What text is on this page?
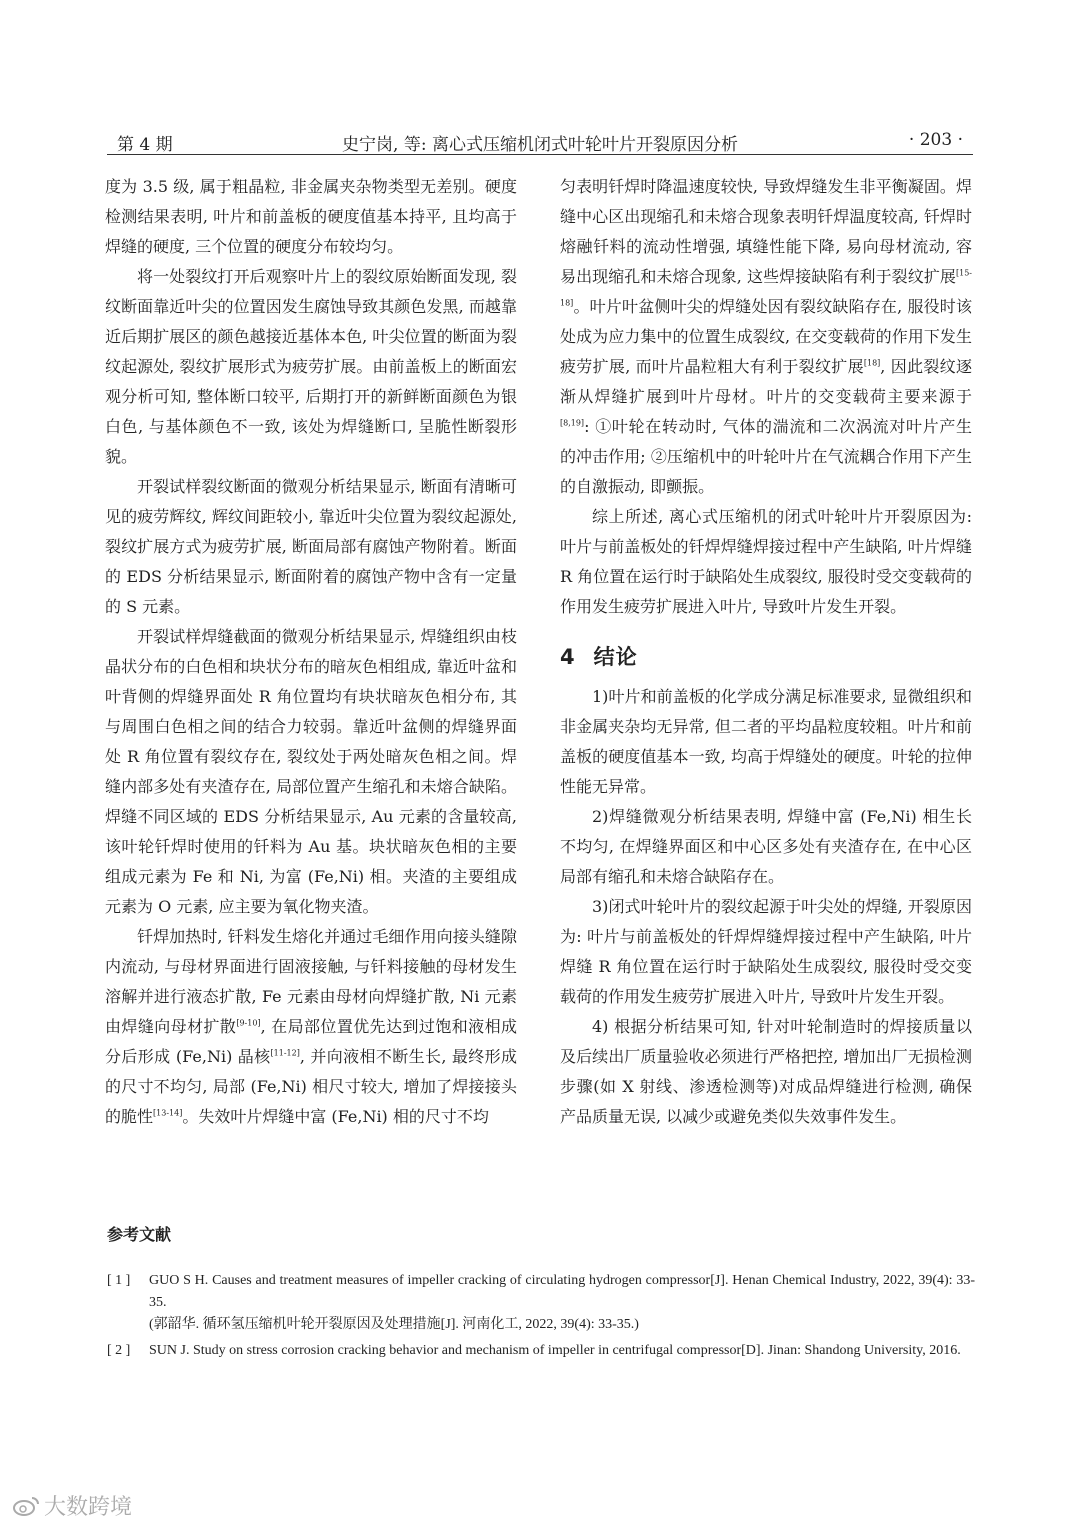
第 4 期	史宁岗, 等: 离心式压缩机闭式叶轮叶片开裂原因分析	· 203 ·

度为 3.5 级, 属于粗晶粒, 非金属夹杂物类型无差别。硬度检测结果表明, 叶片和前盖板的硬度值基本持平, 且均高于焊缝的硬度, 三个位置的硬度分布较均匀。

将一处裂纹打开后观察叶片上的裂纹原始断面发现, 裂纹断面靠近叶尖的位置因发生腐蚀导致其颜色发黑, 而越靠近后期扩展区的颜色越接近基体本色, 叶尖位置的断面为裂纹起源处, 裂纹扩展形式为疲劳扩展。由前盖板上的断面宏观分析可知, 整体断口较平, 后期打开的新鲜断面颜色为银白色, 与基体颜色不一致, 该处为焊缝断口, 呈脆性断裂形貌。

开裂试样裂纹断面的微观分析结果显示, 断面有清晰可见的疲劳辉纹, 辉纹间距较小, 靠近叶尖位置为裂纹起源处, 裂纹扩展方式为疲劳扩展, 断面局部有腐蚀产物附着。断面的 EDS 分析结果显示, 断面附着的腐蚀产物中含有一定量的 S 元素。

开裂试样焊缝截面的微观分析结果显示, 焊缝组织由枝晶状分布的白色相和块状分布的暗灰色相组成, 靠近叶盆和叶背侧的焊缝界面处 R 角位置均有块状暗灰色相分布, 其与周围白色相之间的结合力较弱。靠近叶盆侧的焊缝界面处 R 角位置有裂纹存在, 裂纹处于两处暗灰色相之间。焊缝内部多处有夹渣存在, 局部位置产生缩孔和未熔合缺陷。焊缝不同区域的 EDS 分析结果显示, Au 元素的含量较高, 该叶轮钎焊时使用的钎料为 Au 基。块状暗灰色相的主要组成元素为 Fe 和 Ni, 为富 (Fe,Ni) 相。夹渣的主要组成元素为 O 元素, 应主要为氧化物夹渣。

钎焊加热时, 钎料发生熔化并通过毛细作用向接头缝隙内流动, 与母材界面进行固液接触, 与钎料接触的母材发生溶解并进行液态扩散, Fe 元素由母材向焊缝扩散, Ni 元素由焊缝向母材扩散[9-10], 在局部位置优先达到过饱和液相成分后形成 (Fe,Ni) 晶核[11-12], 并向液相不断生长, 最终形成的尺寸不均匀, 局部 (Fe,Ni) 相尺寸较大, 增加了焊接接头的脆性[13-14]。失效叶片焊缝中富 (Fe,Ni) 相的尺寸不均

匀表明钎焊时降温速度较快, 导致焊缝发生非平衡凝固。焊缝中心区出现缩孔和未熔合现象表明钎焊温度较高, 钎焊时熔融钎料的流动性增强, 填缝性能下降, 易向母材流动, 容易出现缩孔和未熔合现象, 这些焊接缺陷有利于裂纹扩展[15-18]。叶片叶盆侧叶尖的焊缝处因有裂纹缺陷存在, 服役时该处成为应力集中的位置生成裂纹, 在交变载荷的作用下发生疲劳扩展, 而叶片晶粒粗大有利于裂纹扩展[18], 因此裂纹逐渐从焊缝扩展到叶片母材。叶片的交变载荷主要来源于[8,19]: ①叶轮在转动时, 气体的湍流和二次涡流对叶片产生的冲击作用; ②压缩机中的叶轮叶片在气流耦合作用下产生的自激振动, 即颤振。

综上所述, 离心式压缩机的闭式叶轮叶片开裂原因为: 叶片与前盖板处的钎焊焊缝焊接过程中产生缺陷, 叶片焊缝 R 角位置在运行时于缺陷处生成裂纹, 服役时受交变载荷的作用发生疲劳扩展进入叶片, 导致叶片发生开裂。

4 结论

1)叶片和前盖板的化学成分满足标准要求, 显微组织和非金属夹杂均无异常, 但二者的平均晶粒度较粗。叶片和前盖板的硬度值基本一致, 均高于焊缝处的硬度。叶轮的拉伸性能无异常。

2)焊缝微观分析结果表明, 焊缝中富 (Fe,Ni) 相生长不均匀, 在焊缝界面区和中心区多处有夹渣存在, 在中心区局部有缩孔和未熔合缺陷存在。

3)闭式叶轮叶片的裂纹起源于叶尖处的焊缝, 开裂原因为: 叶片与前盖板处的钎焊焊缝焊接过程中产生缺陷, 叶片焊缝 R 角位置在运行时于缺陷处生成裂纹, 服役时受交变载荷的作用发生疲劳扩展进入叶片, 导致叶片发生开裂。

4) 根据分析结果可知, 针对叶轮制造时的焊接质量以及后续出厂质量验收必须进行严格把控, 增加出厂无损检测步骤(如 X 射线、渗透检测等)对成品焊缝进行检测, 确保产品质量无误, 以减少或避免类似失效事件发生。

参考文献
[ 1 ]	GUO S H. Causes and treatment measures of impeller cracking of circulating hydrogen compressor[J]. Henan Chemical Industry, 2022, 39(4): 33-35.
(郭韶华. 循环氢压缩机叶轮开裂原因及处理措施[J]. 河南化工, 2022, 39(4): 33-35.)
[ 2 ]	SUN J. Study on stress corrosion cracking behavior and mechanism of impeller in centrifugal compressor[D]. Jinan: Shandong University, 2016.
大数跨境
